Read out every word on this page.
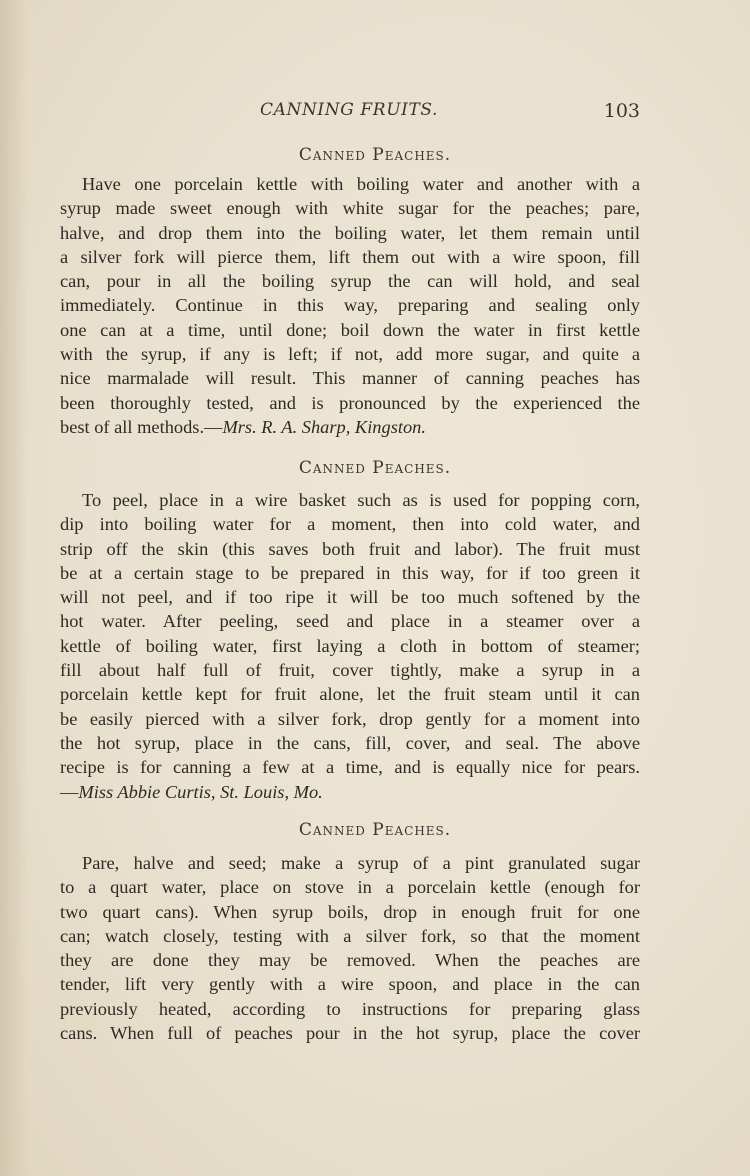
CANNING FRUITS.	103
Canned Peaches.
Have one porcelain kettle with boiling water and another with a
syrup made sweet enough with white sugar for the peaches; pare,
halve, and drop them into the boiling water, let them remain until
a silver fork will pierce them, lift them out with a wire spoon, fill
can, pour in all the boiling syrup the can will hold, and seal
immediately. Continue in this way, preparing and sealing only
one can at a time, until done; boil down the water in first kettle
with the syrup, if any is left; if not, add more sugar, and quite a
nice marmalade will result. This manner of canning peaches has
been thoroughly tested, and is pronounced by the experienced the
best of all methods.—Mrs. R. A. Sharp, Kingston.
Canned Peaches.
To peel, place in a wire basket such as is used for popping corn,
dip into boiling water for a moment, then into cold water, and
strip off the skin (this saves both fruit and labor). The fruit must
be at a certain stage to be prepared in this way, for if too green it
will not peel, and if too ripe it will be too much softened by the
hot water. After peeling, seed and place in a steamer over a
kettle of boiling water, first laying a cloth in bottom of steamer;
fill about half full of fruit, cover tightly, make a syrup in a
porcelain kettle kept for fruit alone, let the fruit steam until it can
be easily pierced with a silver fork, drop gently for a moment into
the hot syrup, place in the cans, fill, cover, and seal. The above
recipe is for canning a few at a time, and is equally nice for pears.
—Miss Abbie Curtis, St. Louis, Mo.
Canned Peaches.
Pare, halve and seed; make a syrup of a pint granulated sugar
to a quart water, place on stove in a porcelain kettle (enough for
two quart cans). When syrup boils, drop in enough fruit for one
can; watch closely, testing with a silver fork, so that the moment
they are done they may be removed. When the peaches are
tender, lift very gently with a wire spoon, and place in the can
previously heated, according to instructions for preparing glass
cans. When full of peaches pour in the hot syrup, place the cover
